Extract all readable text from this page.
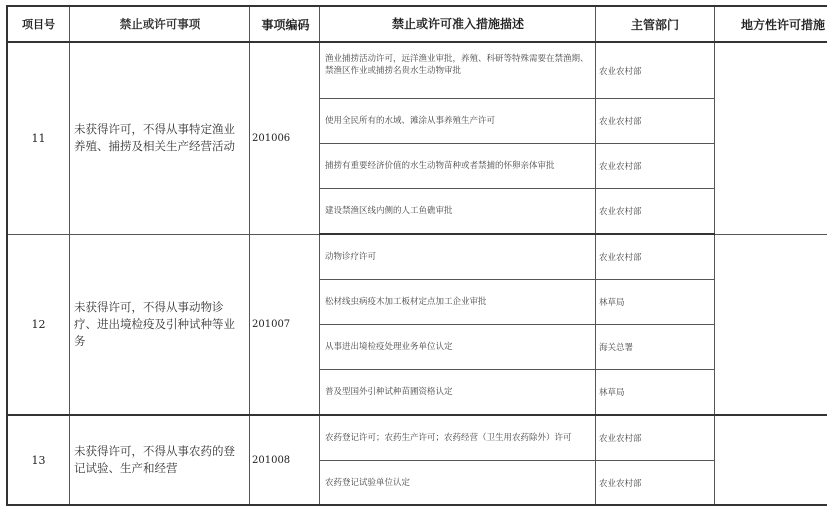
项目号	禁止或许可事项	事项编码	禁止或许可准入措施描述	主管部门	地方性许可措施
11	未获得许可，不得从事特定渔业养殖、捕捞及相关生产经营活动	201006	渔业捕捞活动许可，远洋渔业审批，养殖、科研等特殊需要在禁渔期、禁渔区作业或捕捞名贵水生动物审批	农业农村部	
			使用全民所有的水域、滩涂从事养殖生产许可	农业农村部	
			捕捞有重要经济价值的水生动物苗种或者禁捕的怀卵亲体审批	农业农村部	
			建设禁渔区线内侧的人工鱼礁审批	农业农村部	
12	未获得许可，不得从事动物诊疗、进出境检疫及引种试种等业务	201007	动物诊疗许可	农业农村部	
			松材线虫病疫木加工板材定点加工企业审批	林草局	
			从事进出境检疫处理业务单位认定	海关总署	
			普及型国外引种试种苗圃资格认定	林草局	
13	未获得许可，不得从事农药的登记试验、生产和经营	201008	农药登记许可；农药生产许可；农药经营（卫生用农药除外）许可	农业农村部	
			农药登记试验单位认定	农业农村部	
